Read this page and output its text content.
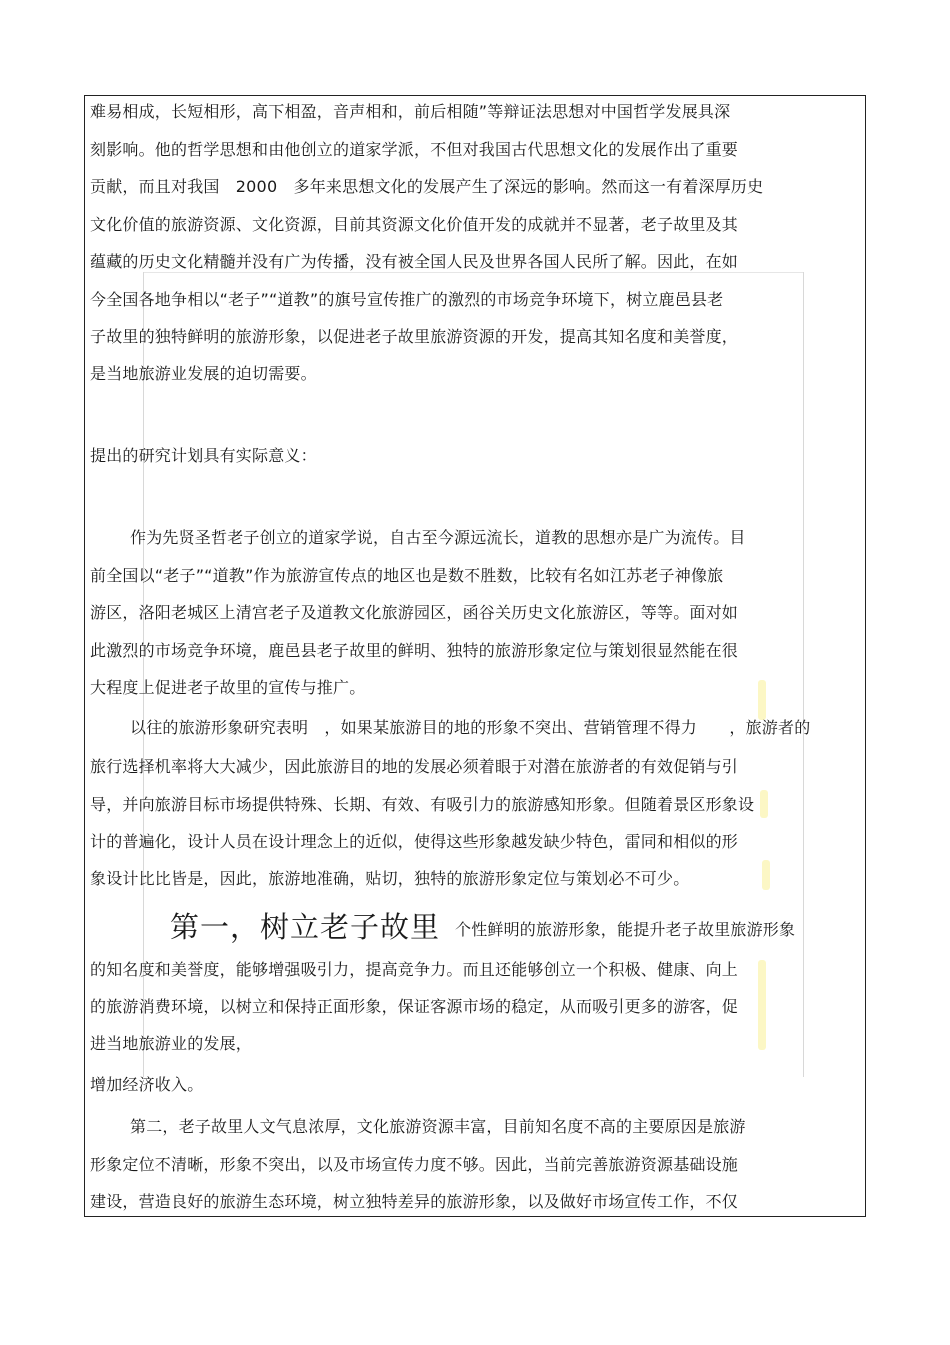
难易相成，长短相形，高下相盈，音声相和，前后相随”等辩证法思想对中国哲学发展具深
刻影响。他的哲学思想和由他创立的道家学派，不但对我国古代思想文化的发展作出了重要
贡献，而且对我国　2000　多年来思想文化的发展产生了深远的影响。然而这一有着深厚历史
文化价值的旅游资源、文化资源，目前其资源文化价值开发的成就并不显著，老子故里及其
蕴藏的历史文化精髓并没有广为传播，没有被全国人民及世界各国人民所了解。因此，在如
今全国各地争相以“老子”“道教”的旗号宣传推广的激烈的市场竞争环境下，树立鹿邑县老
子故里的独特鲜明的旅游形象，以促进老子故里旅游资源的开发，提高其知名度和美誉度，
是当地旅游业发展的迫切需要。
提出的研究计划具有实际意义：
作为先贤圣哲老子创立的道家学说，自古至今源远流长，道教的思想亦是广为流传。目
前全国以“老子”“道教”作为旅游宣传点的地区也是数不胜数，比较有名如江苏老子神像旅
游区，洛阳老城区上清宫老子及道教文化旅游园区，函谷关历史文化旅游区，等等。面对如
此激烈的市场竞争环境，鹿邑县老子故里的鲜明、独特的旅游形象定位与策划很显然能在很
大程度上促进老子故里的宣传与推广。
以往的旅游形象研究表明　，如果某旅游目的地的形象不突出、营销管理不得力　　，旅游者的
旅行选择机率将大大减少，因此旅游目的地的发展必须着眼于对潜在旅游者的有效促销与引
导，并向旅游目标市场提供特殊、长期、有效、有吸引力的旅游感知形象。但随着景区形象设
计的普遍化，设计人员在设计理念上的近似，使得这些形象越发缺少特色，雷同和相似的形
象设计比比皆是，因此，旅游地准确，贴切，独特的旅游形象定位与策划必不可少。
第一，树立老子故里 个性鲜明的旅游形象，能提升老子故里旅游形象
的知名度和美誉度，能够增强吸引力，提高竞争力。而且还能够创立一个积极、健康、向上
的旅游消费环境，以树立和保持正面形象，保证客源市场的稳定，从而吸引更多的游客，促
进当地旅游业的发展，
增加经济收入。
第二，老子故里人文气息浓厚，文化旅游资源丰富，目前知名度不高的主要原因是旅游
形象定位不清晰，形象不突出，以及市场宣传力度不够。因此，当前完善旅游资源基础设施
建设，营造良好的旅游生态环境，树立独特差异的旅游形象，以及做好市场宣传工作，不仅
